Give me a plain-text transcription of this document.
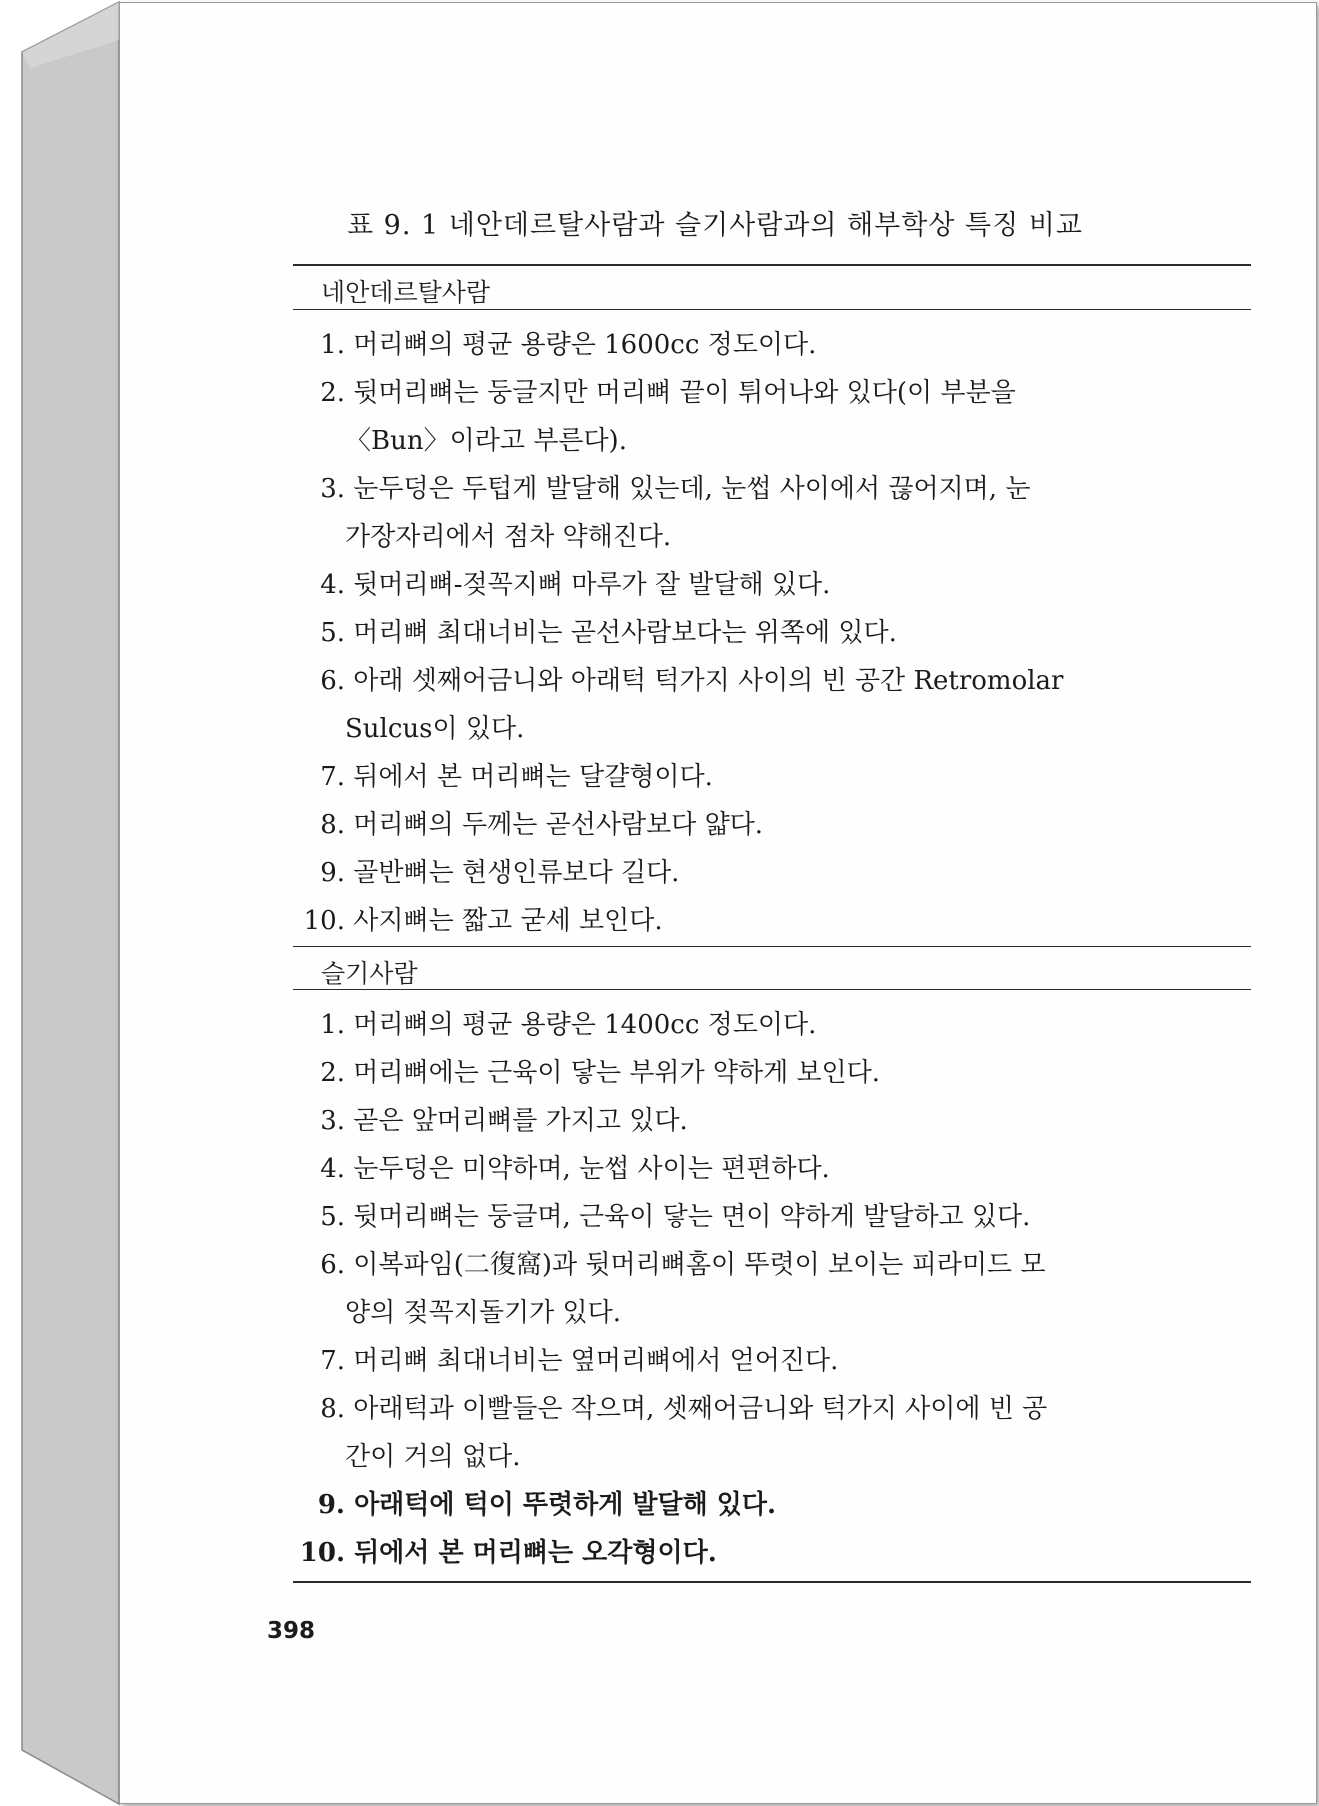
표 9. 1 네안데르탈사람과 슬기사람과의 해부학상 특징 비교
네안데르탈사람
1. 머리뼈의 평균 용량은 1600cc 정도이다.
2. 뒷머리뼈는 둥글지만 머리뼈 끝이 튀어나와 있다(이 부분을
〈Bun〉이라고 부른다).
3. 눈두덩은 두텁게 발달해 있는데, 눈썹 사이에서 끊어지며, 눈
가장자리에서 점차 약해진다.
4. 뒷머리뼈-젖꼭지뼈 마루가 잘 발달해 있다.
5. 머리뼈 최대너비는 곧선사람보다는 위쪽에 있다.
6. 아래 셋째어금니와 아래턱 턱가지 사이의 빈 공간 Retromolar
Sulcus이 있다.
7. 뒤에서 본 머리뼈는 달걀형이다.
8. 머리뼈의 두께는 곧선사람보다 얇다.
9. 골반뼈는 현생인류보다 길다.
10. 사지뼈는 짧고 굳세 보인다.
슬기사람
1. 머리뼈의 평균 용량은 1400cc 정도이다.
2. 머리뼈에는 근육이 닿는 부위가 약하게 보인다.
3. 곧은 앞머리뼈를 가지고 있다.
4. 눈두덩은 미약하며, 눈썹 사이는 편편하다.
5. 뒷머리뼈는 둥글며, 근육이 닿는 면이 약하게 발달하고 있다.
6. 이복파임(二復窩)과 뒷머리뼈홈이 뚜렷이 보이는 피라미드 모
양의 젖꼭지돌기가 있다.
7. 머리뼈 최대너비는 옆머리뼈에서 얻어진다.
8. 아래턱과 이빨들은 작으며, 셋째어금니와 턱가지 사이에 빈 공
간이 거의 없다.
9. 아래턱에 턱이 뚜렷하게 발달해 있다.
10. 뒤에서 본 머리뼈는 오각형이다.
398
